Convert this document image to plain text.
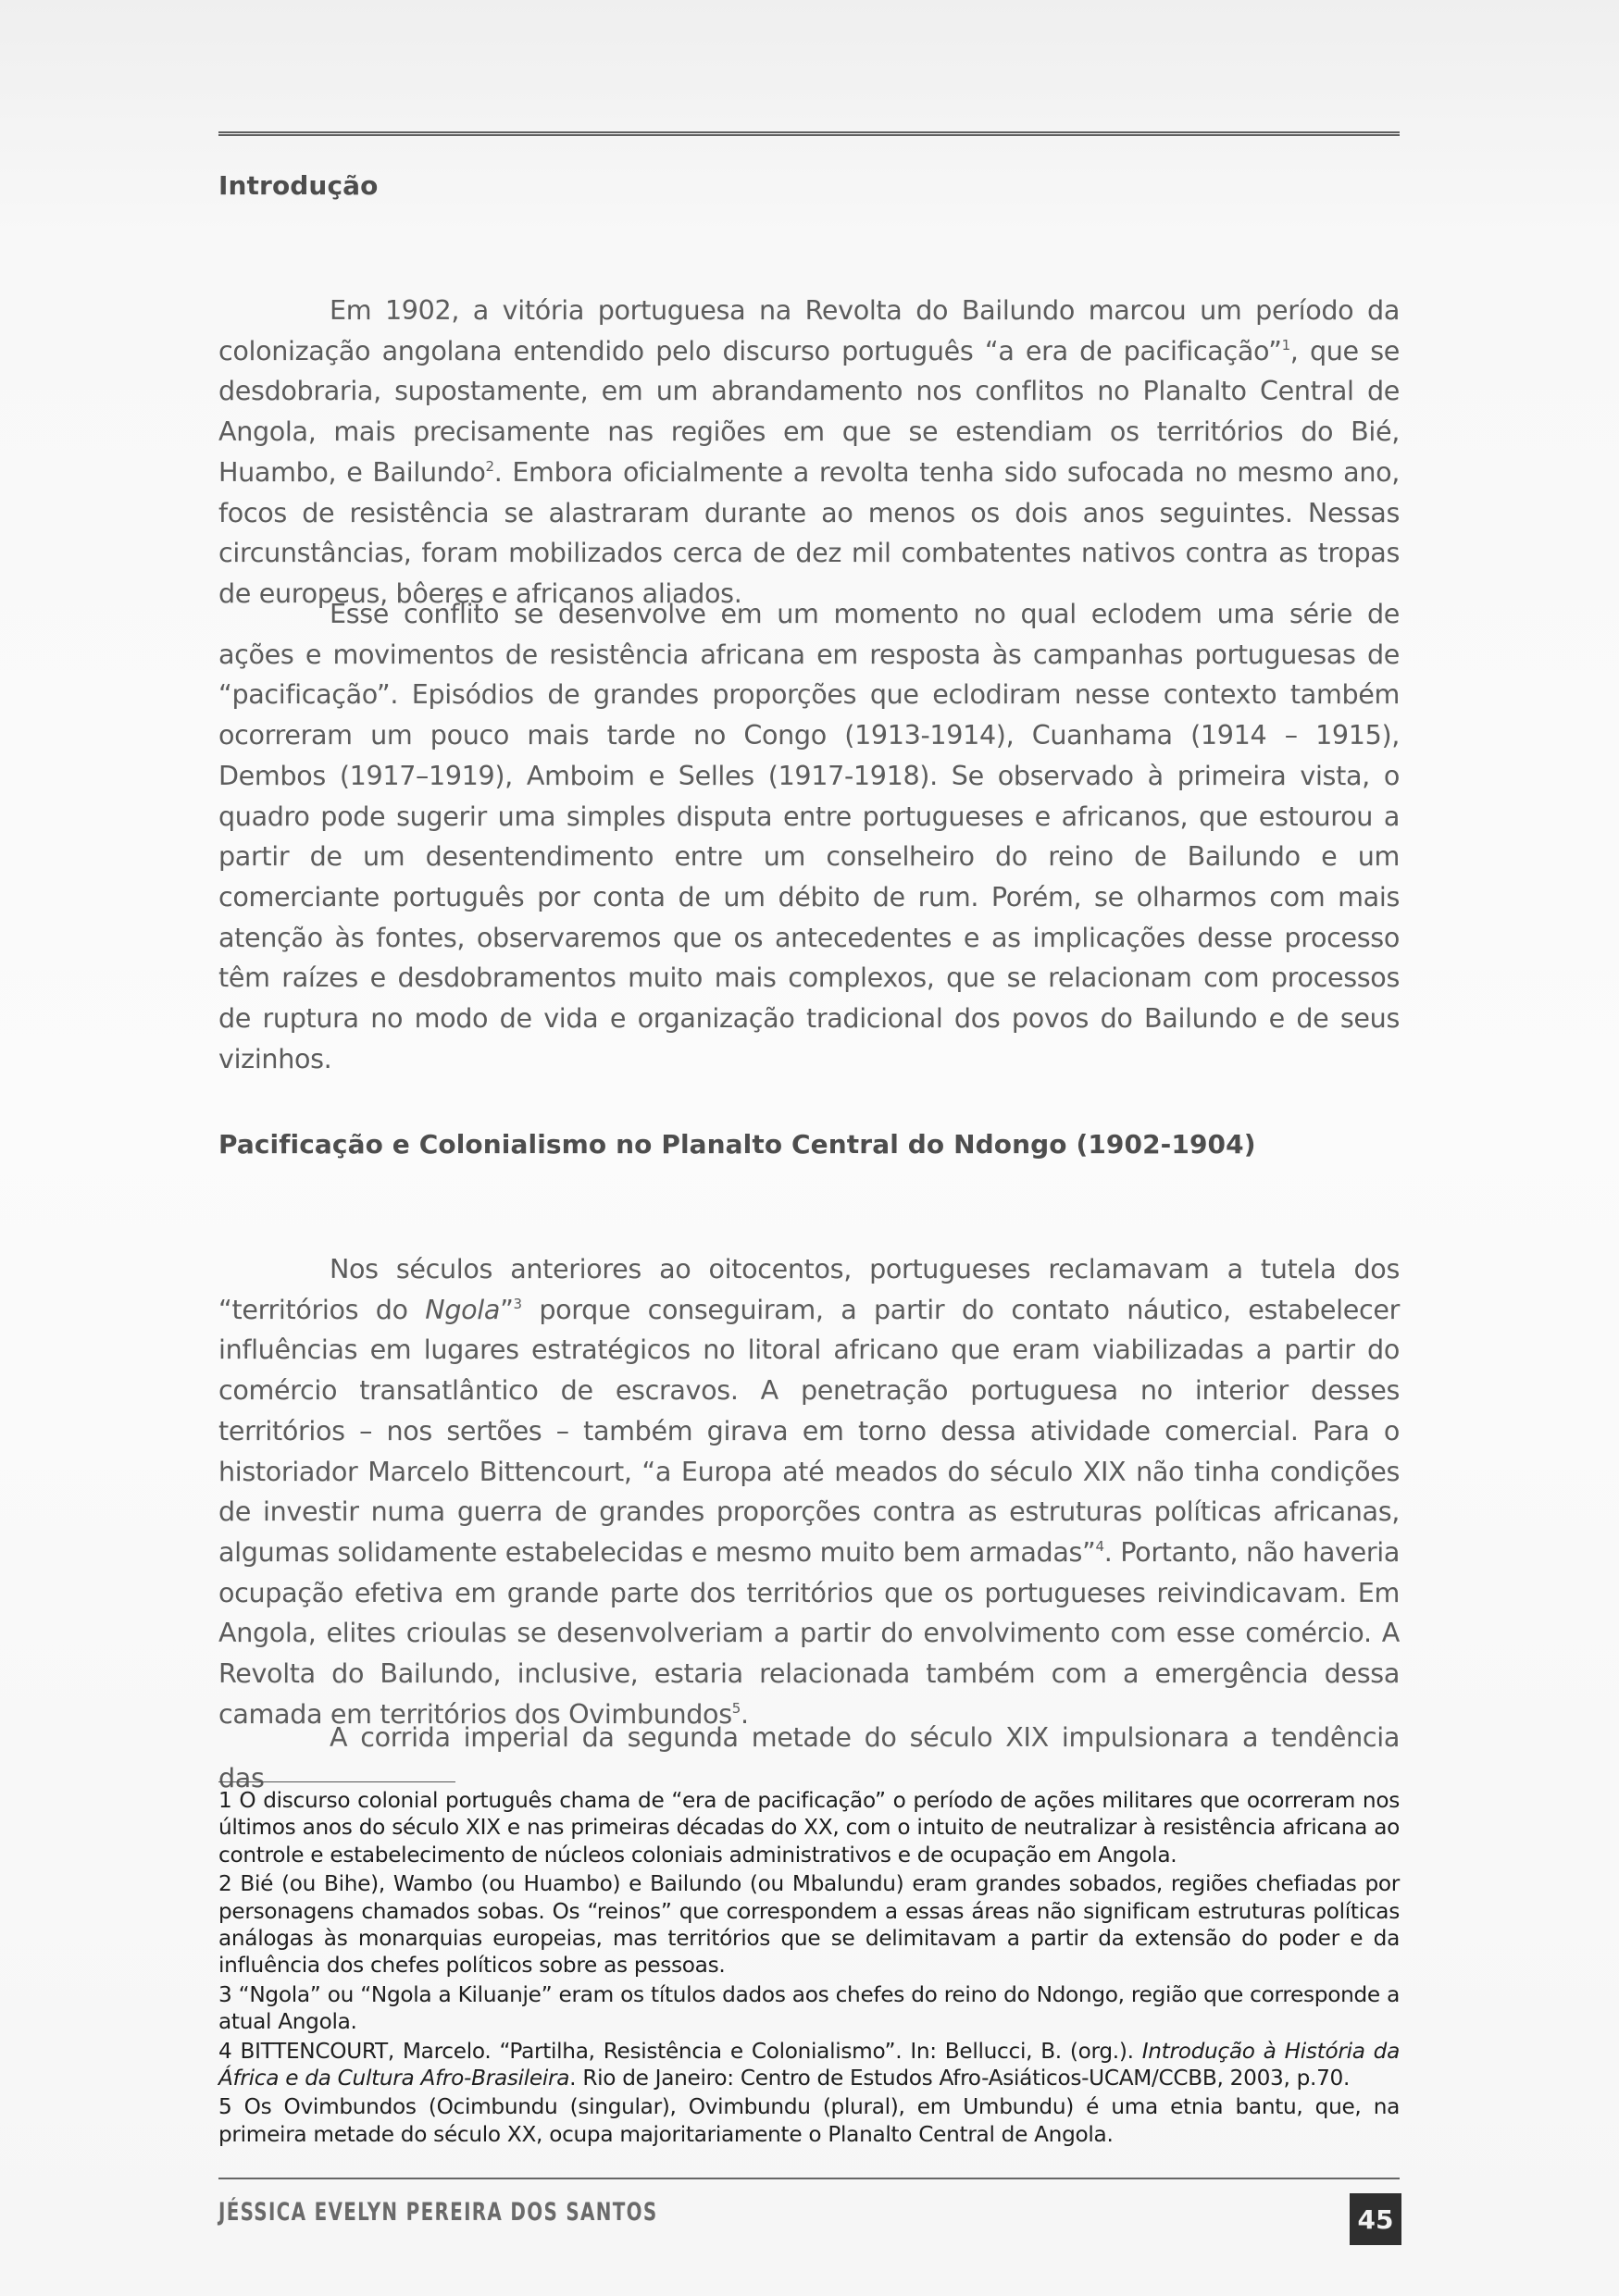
Introdução

Em 1902, a vitória portuguesa na Revolta do Bailundo marcou um período da colonização angolana entendido pelo discurso português “a era de pacificação”$^1$, que se desdobraria, supostamente, em um abrandamento nos conflitos no Planalto Central de Angola, mais precisamente nas regiões em que se estendiam os territórios do Bié, Huambo, e Bailundo$^2$. Embora oficialmente a revolta tenha sido sufocada no mesmo ano, focos de resistência se alastraram durante ao menos os dois anos seguintes. Nessas circunstâncias, foram mobilizados cerca de dez mil combatentes nativos contra as tropas de europeus, bôeres e africanos aliados.

Esse conflito se desenvolve em um momento no qual eclodem uma série de ações e movimentos de resistência africana em resposta às campanhas portuguesas de “pacificação”. Episódios de grandes proporções que eclodiram nesse contexto também ocorreram um pouco mais tarde no Congo (1913-1914), Cuanhama (1914 – 1915), Dembos (1917–1919), Amboim e Selles (1917-1918). Se observado à primeira vista, o quadro pode sugerir uma simples disputa entre portugueses e africanos, que estourou a partir de um desentendimento entre um conselheiro do reino de Bailundo e um comerciante português por conta de um débito de rum. Porém, se olharmos com mais atenção às fontes, observaremos que os antecedentes e as implicações desse processo têm raízes e desdobramentos muito mais complexos, que se relacionam com processos de ruptura no modo de vida e organização tradicional dos povos do Bailundo e de seus vizinhos.

Pacificação e Colonialismo no Planalto Central do Ndongo (1902-1904)

Nos séculos anteriores ao oitocentos, portugueses reclamavam a tutela dos “territórios do Ngola”$^3$ porque conseguiram, a partir do contato náutico, estabelecer influências em lugares estratégicos no litoral africano que eram viabilizadas a partir do comércio transatlântico de escravos. A penetração portuguesa no interior desses territórios – nos sertões – também girava em torno dessa atividade comercial. Para o historiador Marcelo Bittencourt, “a Europa até meados do século XIX não tinha condições de investir numa guerra de grandes proporções contra as estruturas políticas africanas, algumas solidamente estabelecidas e mesmo muito bem armadas”$^4$. Portanto, não haveria ocupação efetiva em grande parte dos territórios que os portugueses reivindicavam. Em Angola, elites crioulas se desenvolveriam a partir do envolvimento com esse comércio. A Revolta do Bailundo, inclusive, estaria relacionada também com a emergência dessa camada em territórios dos Ovimbundos$^5$.

A corrida imperial da segunda metade do século XIX impulsionara a tendência das

1 O discurso colonial português chama de “era de pacificação” o período de ações militares que ocorreram nos últimos anos do século XIX e nas primeiras décadas do XX, com o intuito de neutralizar à resistência africana ao controle e estabelecimento de núcleos coloniais administrativos e de ocupação em Angola.

2 Bié (ou Bihe), Wambo (ou Huambo) e Bailundo (ou Mbalundu) eram grandes sobados, regiões chefiadas por personagens chamados sobas. Os “reinos” que correspondem a essas áreas não significam estruturas políticas análogas às monarquias europeias, mas territórios que se delimitavam a partir da extensão do poder e da influência dos chefes políticos sobre as pessoas.

3 “Ngola” ou “Ngola a Kiluanje” eram os títulos dados aos chefes do reino do Ndongo, região que corresponde a atual Angola.

4 BITTENCOURT, Marcelo. “Partilha, Resistência e Colonialismo”. In: Bellucci, B. (org.). Introdução à História da África e da Cultura Afro-Brasileira. Rio de Janeiro: Centro de Estudos Afro-Asiáticos-UCAM/CCBB, 2003, p.70.

5 Os Ovimbundos (Ocimbundu (singular), Ovimbundu (plural), em Umbundu) é uma etnia bantu, que, na primeira metade do século XX, ocupa majoritariamente o Planalto Central de Angola.

JÉSSICA EVELYN PEREIRA DOS SANTOS	45
